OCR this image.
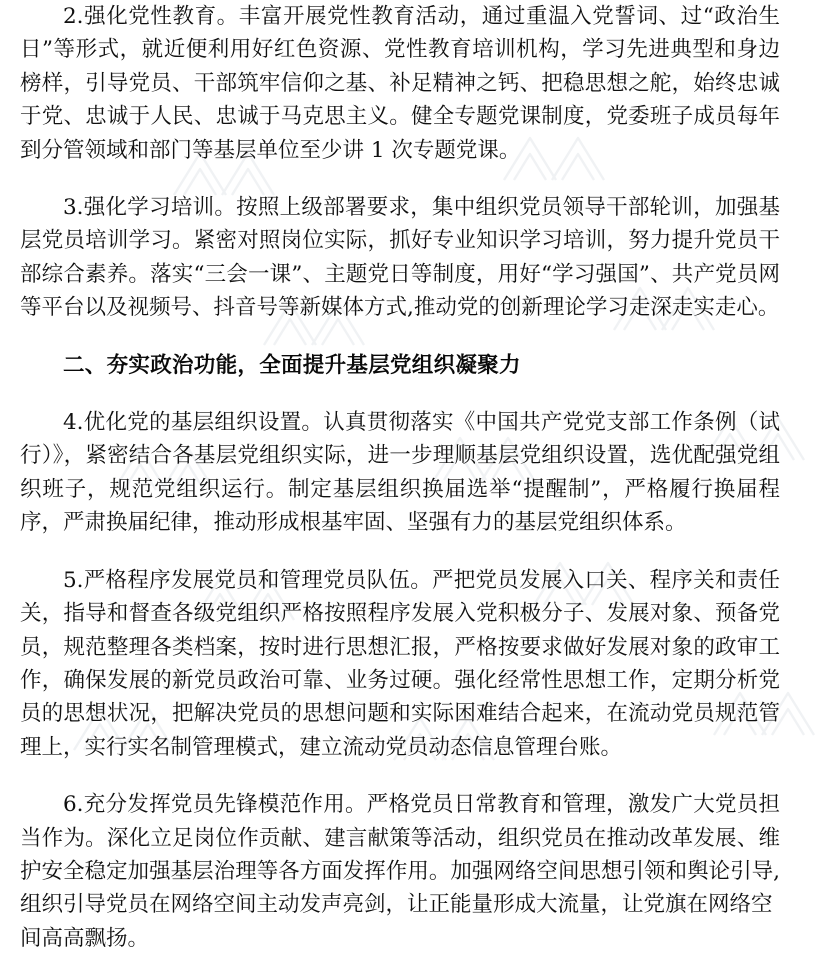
2.强化党性教育。丰富开展党性教育活动，通过重温入党誓词、过“政治生日”等形式，就近便利用好红色资源、党性教育培训机构，学习先进典型和身边榜样，引导党员、干部筑牢信仰之基、补足精神之钙、把稳思想之舵，始终忠诚于党、忠诚于人民、忠诚于马克思主义。健全专题党课制度，党委班子成员每年到分管领域和部门等基层单位至少讲 1 次专题党课。

3.强化学习培训。按照上级部署要求，集中组织党员领导干部轮训，加强基层党员培训学习。紧密对照岗位实际，抓好专业知识学习培训，努力提升党员干部综合素养。落实“三会一课”、主题党日等制度，用好“学习强国”、共产党员网等平台以及视频号、抖音号等新媒体方式,推动党的创新理论学习走深走实走心。

二、夯实政治功能，全面提升基层党组织凝聚力

4.优化党的基层组织设置。认真贯彻落实《中国共产党党支部工作条例（试行）》，紧密结合各基层党组织实际，进一步理顺基层党组织设置，选优配强党组织班子，规范党组织运行。制定基层组织换届选举“提醒制”，严格履行换届程序，严肃换届纪律，推动形成根基牢固、坚强有力的基层党组织体系。

5.严格程序发展党员和管理党员队伍。严把党员发展入口关、程序关和责任关，指导和督查各级党组织严格按照程序发展入党积极分子、发展对象、预备党员，规范整理各类档案，按时进行思想汇报，严格按要求做好发展对象的政审工作，确保发展的新党员政治可靠、业务过硬。强化经常性思想工作，定期分析党员的思想状况，把解决党员的思想问题和实际困难结合起来，在流动党员规范管理上，实行实名制管理模式，建立流动党员动态信息管理台账。

6.充分发挥党员先锋模范作用。严格党员日常教育和管理，激发广大党员担当作为。深化立足岗位作贡献、建言献策等活动，组织党员在推动改革发展、维护安全稳定加强基层治理等各方面发挥作用。加强网络空间思想引领和舆论引导,组织引导党员在网络空间主动发声亮剑，让正能量形成大流量，让党旗在网络空

间高高飘扬。
